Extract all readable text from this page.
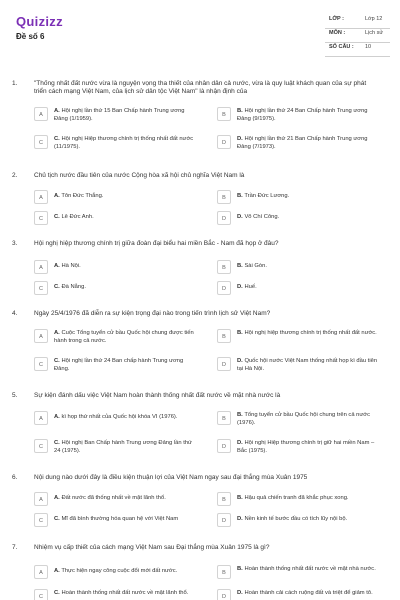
Quizizz
Đề số 6
LỚP :	Lớp 12
MÔN :	Lịch sử
SỐ CÂU : 10
1.	"Thống nhất đất nước vừa là nguyện vọng tha thiết của nhân dân cả nước, vừa là quy luật khách quan của sự phát triển cách mạng Việt Nam, của lịch sử dân tộc Việt Nam" là nhận định của
A
A. Hội nghị lần thứ 15 Ban Chấp hành Trung ương Đảng (1/1959).
B
B. Hội nghị lần thứ 24 Ban Chấp hành Trung ương Đảng (9/1975).
C
C. Hội nghị Hiệp thương chính trị thống nhất đất nước (11/1975).
D
D. Hội nghị lần thứ 21 Ban Chấp hành Trung ương Đảng (7/1973).
2.	Chủ tịch nước đầu tiên của nước Cộng hòa xã hội chủ nghĩa Việt Nam là
A	A. Tôn Đức Thắng.	B	B. Trần Đức Lương.
C	C. Lê Đức Anh.	D	D. Võ Chí Công.
3.	Hội nghị hiệp thương chính trị giữa đoàn đại biểu hai miền Bắc - Nam đã họp ở đâu?
A	A. Hà Nội.	B	B. Sài Gòn.
C	C. Đà Nẵng.	D	D. Huế.
4.	Ngày 25/4/1976 đã diễn ra sự kiện trọng đại nào trong tiến trình lịch sử Việt Nam?
A
A. Cuộc Tổng tuyển cử bầu Quốc hội chung được tiến hành trong cả nước.
B
B. Hội nghị hiệp thương chính trị thống nhất đất nước.
C
C. Hội nghị lần thứ 24 Ban chấp hành Trung ương Đảng.
D
D. Quốc hội nước Việt Nam thống nhất họp kì đầu tiên tại Hà Nội.
5.	Sự kiện đánh dấu việc Việt Nam hoàn thành thống nhất đất nước về mặt nhà nước là
A	A. kì họp thứ nhất của Quốc hội khóa VI (1976).	B
B. Tổng tuyển cử bầu Quốc hội chung trên cả nước (1976).
C
C. Hội nghị Ban Chấp hành Trung ương Đảng lần thứ 24 (1975).
D
D. Hội nghị Hiệp thương chính trị giữ hai miền Nam – Bắc (1975).
6.	Nội dung nào dưới đây là điều kiện thuận lợi của Việt Nam ngay sau đại thắng mùa Xuân 1975
A	A. Đất nước đã thống nhất về mặt lãnh thổ.	B	B. Hậu quả chiến tranh đã khắc phục xong.
C	C. Mĩ đã bình thường hóa quan hệ với Việt Nam	D	D. Nền kinh tế bước đầu có tích lũy nội bộ.
7.	Nhiệm vụ cấp thiết của cách mạng Việt Nam sau Đại thắng mùa Xuân 1975 là gì?
A	A. Thực hiện ngay công cuộc đổi mới đất nước.	B
B. Hoàn thành thống nhất đất nước về mặt nhà nước.
C
C. Hoàn thành thống nhất đất nước về mặt lãnh thổ.
D
D. Hoàn thành cải cách ruộng đất và triệt để giảm tô.
